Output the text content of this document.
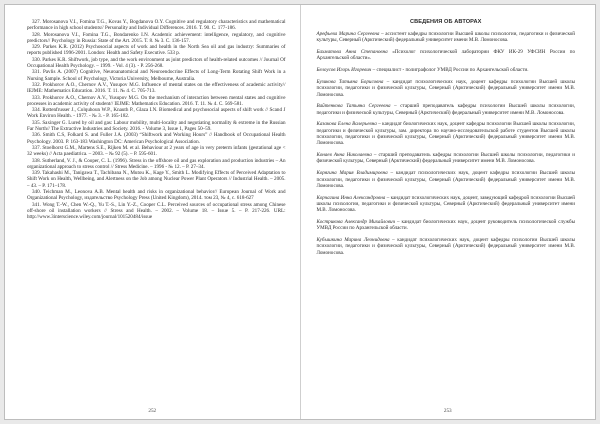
327. Morosanova V.I., Fomina T.G., Kovas Y., Bogdanova O.Y. Cognitive and regulatory characteristics and mathematical performance in high school students// Personality and Individual Differences. 2016. T. 90. С. 177-186.

328. Morosanova V.I., Fomina T.G., Bondarenko I.N. Academic achievement: intelligence, regulatory, and cognitive predictors// Psychology in Russia: State of the Art. 2015. T. 8. № 3. С. 136-157.

329. Parkes K.R. (2012) Psychosocial aspects of work and health in the North Sea oil and gas industry: Summaries of reports published 1996-2001. London: Health and Safety Executive. 533 p.

330. Parkes K.R. Shiftwork, job type, and the work environment as joint predictors of health-related outcomes // Journal Of Occupational Health Psychology. – 1999. - Vol. 4 (3). - P. 256-268.

331. Pavlis A. (2007) Cognitive, Neuroanatomical and Neuroendocrine Effects of Long-Term Rotating Shift Work in a Nursing Sample. School of Psychology, Victoria University, Melbourne, Australia.

332. Prokhorov A.O., Chernov A.V., Yusupov M.G. Influence of mental states on the effectiveness of academic activity// IEJME: Mathematics Education. 2016. Т. 11. № 4. С. 705-713.

333. Prokhorov A.O., Chernov A.V., Yusupov M.G. On the mechanism of interaction between mental states and cognitive processes in academic activity of student// IEJME: Mathematics Education. 2016. Т. 11. № 4. С. 569-581.

334. Rottenfrusser J., Colquhoun W.P., Knauth P., Glaza I.N. Biomedical and psychosocial aspects of shift work // Scand J Work Environ Health. - 1977. - № 3. - P. 165-182.

335. Saxinger G. Lured by oil and gas: Labour mobility, multi-locality and negotiating normality & extreme in the Russian Far North// The Extractive Industries and Society. 2016. - Volume 3, Issue 1, Pages 50–59.

336. Smith C.S, Folkard S. and Fuller J.A. (2003) “Shiftwork and Working Hours” // Handbook of Occupational Health Psychology. 2003. P. 163-183 Washington DC: American Psychological Association.

337. Stoelhorst G.M., Martens S.E., Rijken M. et al. Behaviour at 2 years of age in very preterm infants (gestational age < 32 weeks) // Acta paediatrica. – 2003. – № 92 (5). – P. 595-601.

338. Sutherland, V. J., & Cooper, C. L. (1996). Stress in the offshore oil and gas exploration and production industries – An organizational approach to stress control // Stress Medicine. – 1996 - № 12. – P. 27–34.

339. Takahashi M., Tanigawa T., Tachibana N., Mutou K., Kage Y., Smith L. Modifying Effects of Perceived Adaptation to Shift Work on Health, Wellbeing, and Alertness on the Job among Nuclear Power Plant Operators // Industrial Health. – 2005. – 43. – P. 171–178.

340. Teichman M., Leonova A.B. Mental health and risks in organizational behavior// European Journal of Work and Organizational Psychology, издательство Psychology Press (United Kingdom), 2014. том 23, № 4, с. 618-627

341. Wong T.-W., Chen W.-Q., Yu T.-S., Lin Y.-Z., Cooper C.L. Perceived sources of occupational stress among Chinese off-shore oil installation workers // Stress and Health. – 2002. – Volume 18. – Issue 5. – P. 217-226. URL: http://www.3interscience.wiley.com/journal/101520484/issue

252

СВЕДЕНИЯ ОБ АВТОРАХ

Арефьева Марина Сергеевна – ассистент кафедры психологии Высшей школы психологии, педагогики и физической культуры, Северный (Арктический) федеральный университет имени М.В. Ломоносова.

Бахматова Анна Степановна «Психолог психологической лаборатории ФКУ ИК-29 УФСИН России по Архангельской области».

Белоусов Игорь Игоревич – специалист - полиграфолог УМВД России по Архангельской области.

Бузикова Татьяна Борисовна – кандидат психологических наук, доцент кафедры психологии Высшей школы психологии, педагогики и физической культуры, Северный (Арктический) федеральный университет имени М.В. Ломоносова.

Вайтенкова Татьяна Сергеевна – старший преподаватель кафедры психологии Высшей школы психологии, педагогики и физической культуры, Северный (Арктический) федеральный университет имени М.В. Ломоносова.

Казакова Елена Валерьевна – кандидат биологических наук, доцент кафедры психологии Высшей школы психологии, педагогики и физической культуры, зам. директора по научно-исследовательской работе студентов Высшей школы психологии, педагогики и физической культуры, Северный (Арктический) федеральный университет имени М.В. Ломоносова.

Конаев Анна Николаевна – старший преподаватель кафедры психологии Высшей школы психологии, педагогики и физической культуры, Северный (Арктический) федеральный университет имени М.В. Ломоносова.

Корягина Мария Владимировна – кандидат психологических наук, доцент кафедры психологии Высшей школы психологии, педагогики и физической культуры, Северный (Арктический) федеральный университет имени М.В. Ломоносова.

Корчагина Инна Александровна – кандидат психологических наук, доцент, заведующий кафедрой психологии Высшей школы психологии, педагогики и физической культуры, Северный (Арктический) федеральный университет имени М.В. Ломоносова.

Кострикова Александр Михайлович – кандидат биологических наук, доцент руководитель психологической службы УМВД России по Архангельской области.

Кубышкина Марина Леонидовна – кандидат психологических наук, доцент кафедры психологии Высшей школы психологии, педагогики и физической культуры, Северный (Арктический) федеральный университет имени М.В. Ломоносова.

253
